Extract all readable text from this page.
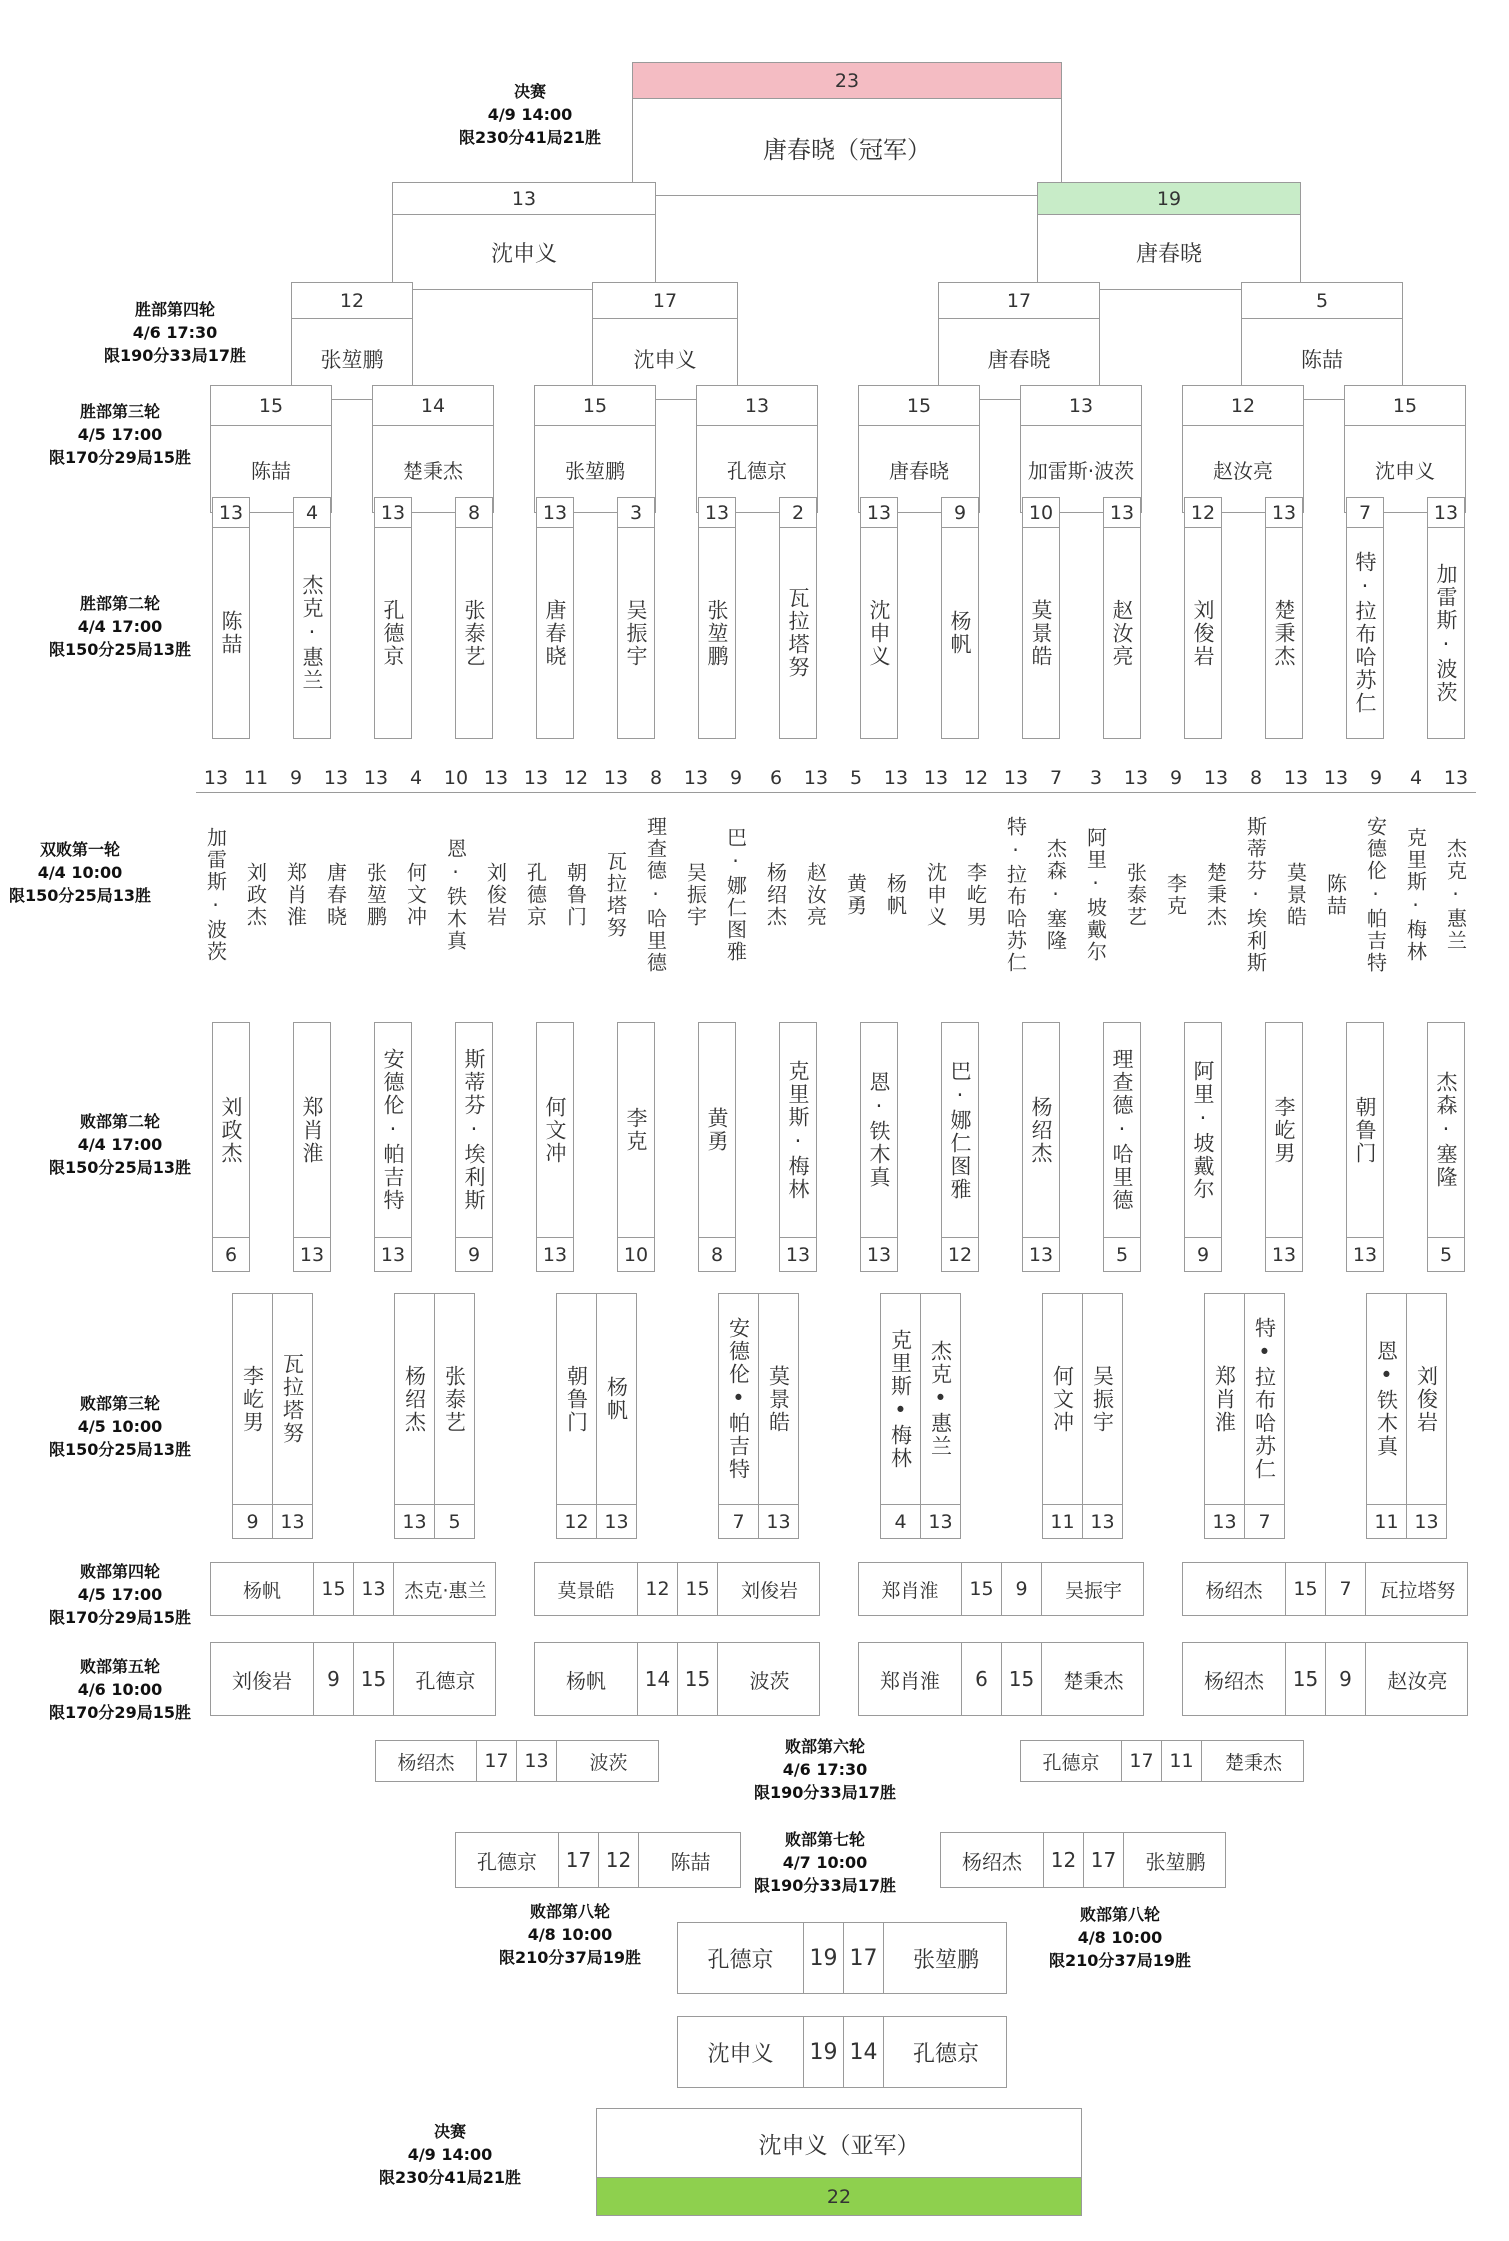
决赛
4/9 14:00
限230分41局21胜
胜部第四轮
4/6 17:30
限190分33局17胜
胜部第三轮
4/5 17:00
限170分29局15胜
胜部第二轮
4/4 17:00
限150分25局13胜
双败第一轮
4/4 10:00
限150分25局13胜
败部第二轮
4/4 17:00
限150分25局13胜
败部第三轮
4/5 10:00
限150分25局13胜
败部第四轮
4/5 17:00
限170分29局15胜
败部第五轮
4/6 10:00
限170分29局15胜
败部第六轮
4/6 17:30
限190分33局17胜
败部第七轮
4/7 10:00
限190分33局17胜
败部第八轮
4/8 10:00
限210分37局19胜
败部第八轮
4/8 10:00
限210分37局19胜
决赛
4/9 14:00
限230分41局21胜
23
唐春晓（冠军）
13
沈申义
19
唐春晓
12
张堃鹏
17
沈申义
17
唐春晓
5
陈喆
15
陈喆
14
楚秉杰
15
张堃鹏
13
孔德京
15
唐春晓
13
加雷斯·波茨
12
赵汝亮
15
沈申义
13
陈喆
4
杰克·惠兰
13
孔德京
8
张泰艺
13
唐春晓
3
吴振宇
13
张堃鹏
2
瓦拉塔努
13
沈申义
9
杨帆
10
莫景皓
13
赵汝亮
12
刘俊岩
13
楚秉杰
7
特·拉布哈苏仁
13
加雷斯·波茨
13
加雷斯·波茨
11
刘政杰
9
郑肖淮
13
唐春晓
13
张堃鹏
4
何文冲
10
恩·铁木真
13
刘俊岩
13
孔德京
12
朝鲁门
13
瓦拉塔努
8
理查德·哈里德
13
吴振宇
9
巴·娜仁图雅
6
杨绍杰
13
赵汝亮
5
黄勇
13
杨帆
13
沈申义
12
李屹男
13
特·拉布哈苏仁
7
杰森·塞隆
3
阿里·坡戴尔
13
张泰艺
9
李克
13
楚秉杰
8
斯蒂芬·埃利斯
13
莫景皓
13
陈喆
9
安德伦·帕吉特
4
克里斯·梅林
13
杰克·惠兰
6
刘政杰
13
郑肖淮
13
安德伦·帕吉特
9
斯蒂芬·埃利斯
13
何文冲
10
李克
8
黄勇
13
克里斯·梅林
13
恩·铁木真
12
巴·娜仁图雅
13
杨绍杰
5
理查德·哈里德
9
阿里·坡戴尔
13
李屹男
13
朝鲁门
5
杰森·塞隆
9
李屹男
13
瓦拉塔努
13
杨绍杰
5
张泰艺
12
朝鲁门
13
杨帆
7
安德伦•帕吉特
13
莫景皓
4
克里斯•梅林
13
杰克•惠兰
11
何文冲
13
吴振宇
13
郑肖淮
7
特•拉布哈苏仁
11
恩•铁木真
13
刘俊岩
杨帆	15 13 杰克·惠兰	莫景皓	12 15	刘俊岩	郑肖淮	15	9	吴振宇	杨绍杰	15	7	瓦拉塔努
刘俊岩	9	15	孔德京	杨帆	14 15	波茨	郑肖淮	6	15	楚秉杰	杨绍杰	15	9	赵汝亮
杨绍杰	17 13	波茨	孔德京	17 11	楚秉杰
孔德京	17 12	陈喆	杨绍杰	12 17	张堃鹏
孔德京	19 17	张堃鹏
沈申义	19 14	孔德京
沈申义（亚军）
22
